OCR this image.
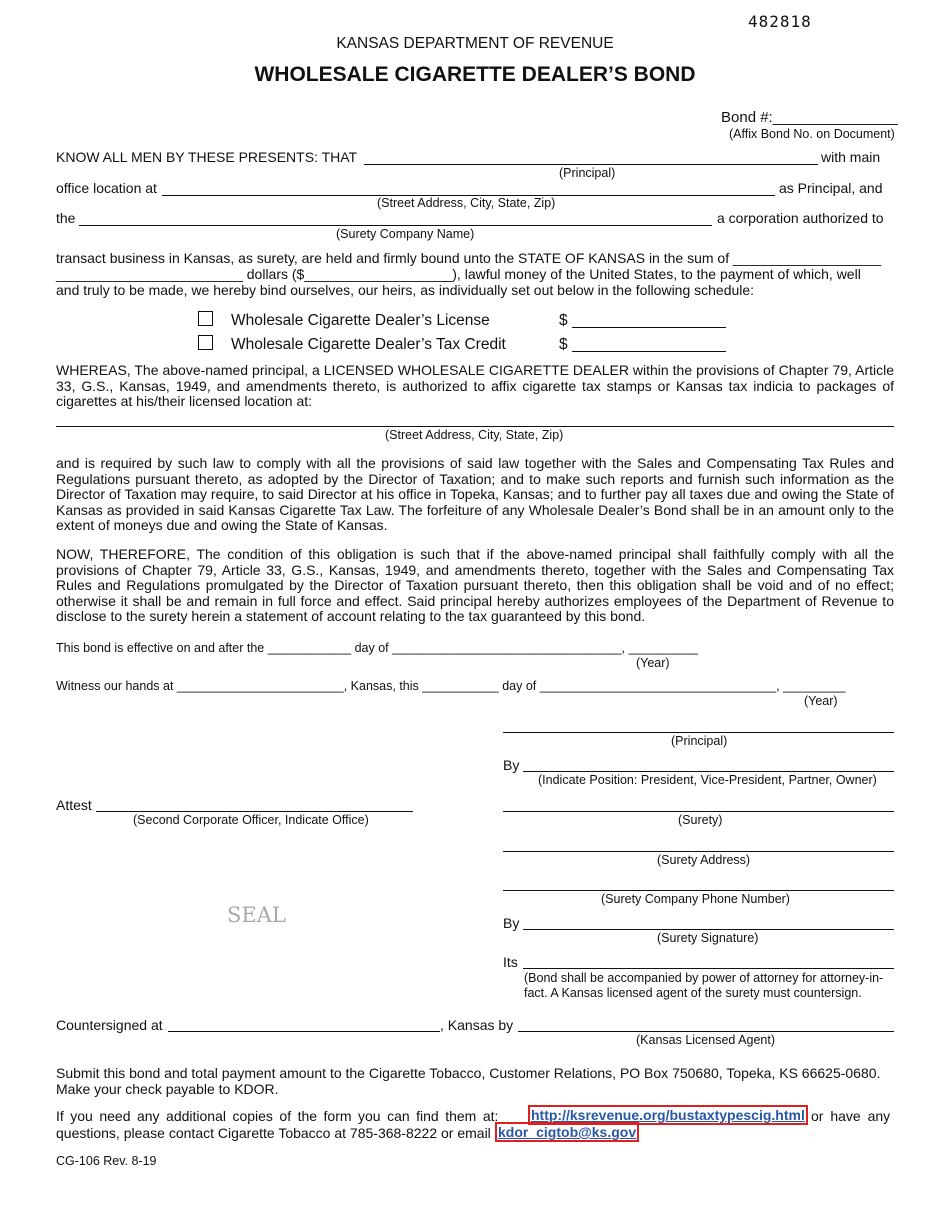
482818
KANSAS DEPARTMENT OF REVENUE
WHOLESALE CIGARETTE DEALER’S BOND
Bond #:_______________
(Affix Bond No. on Document)
KNOW ALL MEN BY THESE PRESENTS: THAT	with main
(Principal)
office location at	as Principal, and
(Street Address, City, State, Zip)
the	a corporation authorized to
(Surety Company Name)
transact business in Kansas, as surety, are held and firmly bound unto the STATE OF KANSAS in the sum of ___________________
________________________ dollars ($___________________), lawful money of the United States, to the payment of which, well
and truly to be made, we hereby bind ourselves, our heirs, as individually set out below in the following schedule:
Wholesale Cigarette Dealer’s License	$
Wholesale Cigarette Dealer’s Tax Credit	$
WHEREAS, The above-named principal, a LICENSED WHOLESALE CIGARETTE DEALER within the provisions of Chapter 79, Article 33, G.S., Kansas, 1949, and amendments thereto, is authorized to affix cigarette tax stamps or Kansas tax indicia to packages of cigarettes at his/their licensed location at:
(Street Address, City, State, Zip)
and is required by such law to comply with all the provisions of said law together with the Sales and Compensating Tax Rules and Regulations pursuant thereto, as adopted by the Director of Taxation; and to make such reports and furnish such information as the Director of Taxation may require, to said Director at his office in Topeka, Kansas; and to further pay all taxes due and owing the State of Kansas as provided in said Kansas Cigarette Tax Law. The forfeiture of any Wholesale Dealer’s Bond shall be in an amount only to the extent of moneys due and owing the State of Kansas.
NOW, THEREFORE, The condition of this obligation is such that if the above-named principal shall faithfully comply with all the provisions of Chapter 79, Article 33, G.S., Kansas, 1949, and amendments thereto, together with the Sales and Compensating Tax Rules and Regulations promulgated by the Director of Taxation pursuant thereto, then this obligation shall be void and of no effect; otherwise it shall be and remain in full force and effect. Said principal hereby authorizes employees of the Department of Revenue to disclose to the surety herein a statement of account relating to the tax guaranteed by this bond.
This bond is effective on and after the ____________ day of _________________________________, __________
(Year)
Witness our hands at ________________________, Kansas, this ___________ day of __________________________________, _________
(Year)
(Principal)
By
(Indicate Position: President, Vice-President, Partner, Owner)
Attest
(Second Corporate Officer, Indicate Office)	(Surety)
(Surety Address)
(Surety Company Phone Number)
SEAL	By
(Surety Signature)
Its
(Bond shall be accompanied by power of attorney for attorney-in-
fact. A Kansas licensed agent of the surety must countersign.
Countersigned at	, Kansas by
(Kansas Licensed Agent)
Submit this bond and total payment amount to the Cigarette Tobacco, Customer Relations, PO Box 750680, Topeka, KS 66625-0680.
Make your check payable to KDOR.
If you need any additional copies of the form you can find them at: http://ksrevenue.org/bustaxtypescig.html or have any
questions, please contact Cigarette Tobacco at 785-368-8222 or email kdor_cigtob@ks.gov
CG-106 Rev. 8-19
